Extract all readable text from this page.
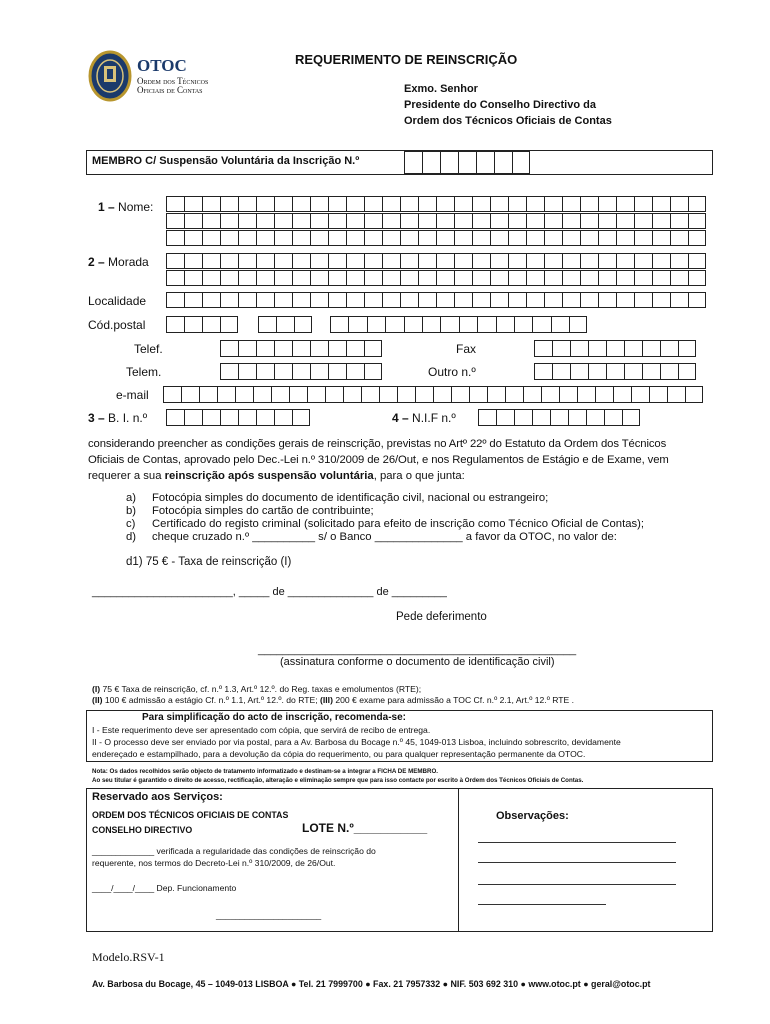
OTOC
Ordem dos Técnicos
Oficiais de Contas
REQUERIMENTO DE REINSCRIÇÃO
Exmo. Senhor
Presidente do Conselho Directivo da
Ordem dos Técnicos Oficiais de Contas
MEMBRO C/ Suspensão Voluntária da Inscrição N.º
1 – Nome:
2 – Morada
Localidade
Cód.postal
Telef.	Fax
Telem.	Outro n.º
e-mail
3 – B. I. n.º	4 – N.I.F n.º
considerando preencher as condições gerais de reinscrição, previstas no Artº 22º do Estatuto da Ordem dos Técnicos
Oficiais de Contas, aprovado pelo Dec.-Lei n.º 310/2009 de 26/Out, e nos Regulamentos de Estágio e de Exame, vem
requerer a sua reinscrição após suspensão voluntária, para o que junta:
a) Fotocópia simples do documento de identificação civil, nacional ou estrangeiro;
b) Fotocópia simples do cartão de contribuinte;
c) Certificado do registo criminal (solicitado para efeito de inscrição como Técnico Oficial de Contas);
d) cheque cruzado n.º __________ s/ o Banco ______________ a favor da OTOC, no valor de:
d1) 75 € - Taxa de reinscrição (I)
_______________________, _____ de ______________ de _________
Pede deferimento
____________________________________________________
(assinatura conforme o documento de identificação civil)
(I) 75 € Taxa de reinscrição, cf. n.º 1.3, Art.º 12.º. do Reg. taxas e emolumentos (RTE);
(II) 100 € admissão a estágio Cf. n.º 1.1, Art.º 12.º. do RTE; (III) 200 € exame para admissão a TOC Cf. n.º 2.1, Art.º 12.º RTE .
Para simplificação do acto de inscrição, recomenda-se:
I - Este requerimento deve ser apresentado com cópia, que servirá de recibo de entrega.
II - O processo deve ser enviado por via postal, para a Av. Barbosa du Bocage n.º 45, 1049-013 Lisboa, incluindo sobrescrito, devidamente
endereçado e estampilhado, para a devolução da cópia do requerimento, ou para qualquer representação permanente da OTOC.
Nota: Os dados recolhidos serão objecto de tratamento informatizado e destinam-se a integrar a FICHA DE MEMBRO.
Ao seu titular é garantido o direito de acesso, rectificação, alteração e eliminação sempre que para isso contacte por escrito à Ordem dos Técnicos Oficiais de Contas.
Reservado aos Serviços:
ORDEM DOS TÉCNICOS OFICIAIS DE CONTAS
CONSELHO DIRECTIVO	LOTE N.º___________
_____________ verificada a regularidade das condições de reinscrição do
requerente, nos termos do Decreto-Lei n.º 310/2009, de 26/Out.
____/____/____ Dep. Funcionamento
______________________
Observações:
Modelo.RSV-1
Av. Barbosa du Bocage, 45 – 1049-013 LISBOA ● Tel. 21 7999700 ● Fax. 21 7957332 ● NIF. 503 692 310 ● www.otoc.pt ● geral@otoc.pt
